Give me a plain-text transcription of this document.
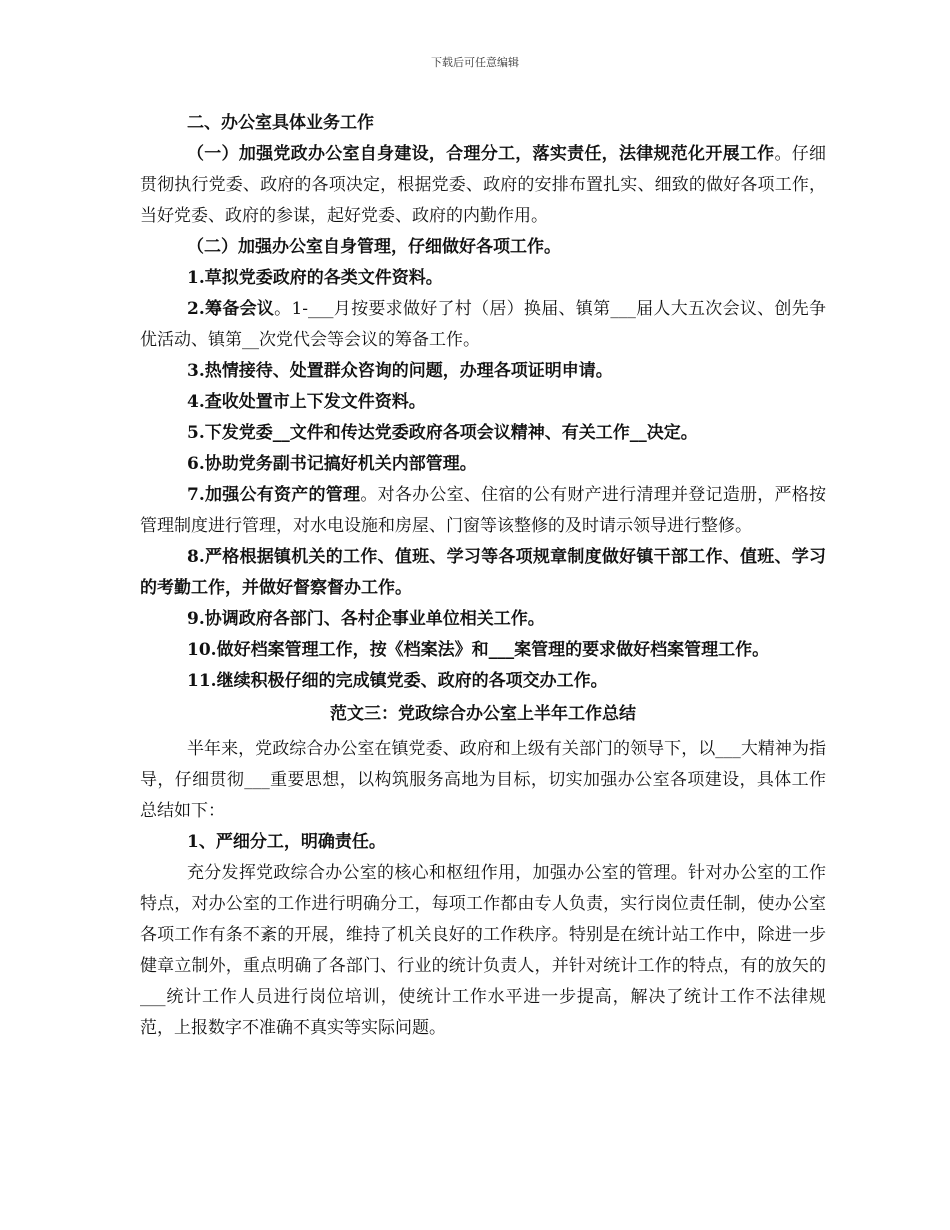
下载后可任意编辑

二、办公室具体业务工作

（一）加强党政办公室自身建设，合理分工，落实责任，法律规范化开展工作。仔细贯彻执行党委、政府的各项决定，根据党委、政府的安排布置扎实、细致的做好各项工作，当好党委、政府的参谋，起好党委、政府的内勤作用。

（二）加强办公室自身管理，仔细做好各项工作。

1.草拟党委政府的各类文件资料。

2.筹备会议。1-___月按要求做好了村（居）换届、镇第___届人大五次会议、创先争优活动、镇第__次党代会等会议的筹备工作。

3.热情接待、处置群众咨询的问题，办理各项证明申请。

4.查收处置市上下发文件资料。

5.下发党委__文件和传达党委政府各项会议精神、有关工作__决定。

6.协助党务副书记搞好机关内部管理。

7.加强公有资产的管理。对各办公室、住宿的公有财产进行清理并登记造册，严格按管理制度进行管理，对水电设施和房屋、门窗等该整修的及时请示领导进行整修。

8.严格根据镇机关的工作、值班、学习等各项规章制度做好镇干部工作、值班、学习的考勤工作，并做好督察督办工作。

9.协调政府各部门、各村企事业单位相关工作。

10.做好档案管理工作，按《档案法》和___案管理的要求做好档案管理工作。

11.继续积极仔细的完成镇党委、政府的各项交办工作。

范文三：党政综合办公室上半年工作总结

半年来，党政综合办公室在镇党委、政府和上级有关部门的领导下，以___大精神为指导，仔细贯彻___重要思想，以构筑服务高地为目标，切实加强办公室各项建设，具体工作总结如下：

1、严细分工，明确责任。

充分发挥党政综合办公室的核心和枢纽作用，加强办公室的管理。针对办公室的工作特点，对办公室的工作进行明确分工，每项工作都由专人负责，实行岗位责任制，使办公室各项工作有条不紊的开展，维持了机关良好的工作秩序。特别是在统计站工作中，除进一步健章立制外，重点明确了各部门、行业的统计负责人，并针对统计工作的特点，有的放矢的___统计工作人员进行岗位培训，使统计工作水平进一步提高，解决了统计工作不法律规范，上报数字不准确不真实等实际问题。
